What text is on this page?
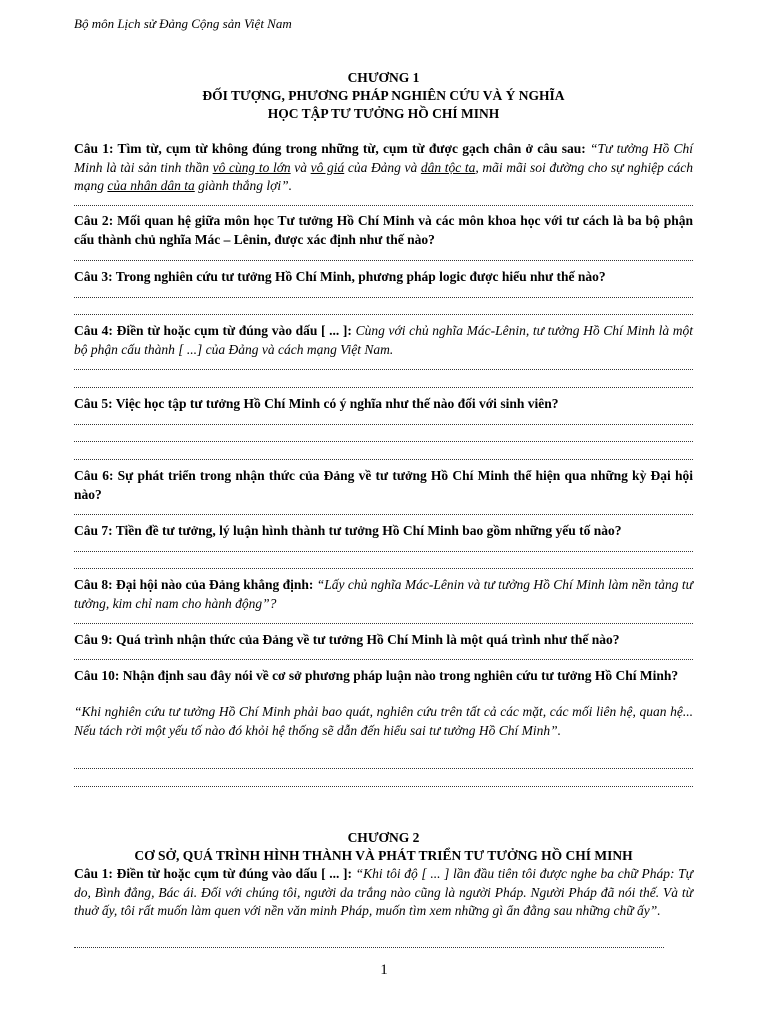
Bộ môn Lịch sử Đảng Cộng sản Việt Nam
CHƯƠNG 1
ĐỐI TƯỢNG, PHƯƠNG PHÁP NGHIÊN CỨU VÀ Ý NGHĨA
HỌC TẬP TƯ TƯỞNG HỒ CHÍ MINH
Câu 1: Tìm từ, cụm từ không đúng trong những từ, cụm từ được gạch chân ở câu sau: “Tư tưởng Hồ Chí Minh là tài sản tinh thần vô cùng to lớn và vô giá của Đảng và dân tộc ta, mãi mãi soi đường cho sự nghiệp cách mạng của nhân dân ta giành thắng lợi”.
Câu 2: Mối quan hệ giữa môn học Tư tưởng Hồ Chí Minh và các môn khoa học với tư cách là ba bộ phận cấu thành chủ nghĩa Mác – Lênin, được xác định như thế nào?
Câu 3: Trong nghiên cứu tư tưởng Hồ Chí Minh, phương pháp logic được hiểu như thế nào?
Câu 4: Điền từ hoặc cụm từ đúng vào dấu [ ... ]: Cùng với chủ nghĩa Mác-Lênin, tư tưởng Hồ Chí Minh là một bộ phận cấu thành [ ...] của Đảng và cách mạng Việt Nam.
Câu 5: Việc học tập tư tưởng Hồ Chí Minh có ý nghĩa như thế nào đối với sinh viên?
Câu 6: Sự phát triển trong nhận thức của Đảng về tư tưởng Hồ Chí Minh thể hiện qua những kỳ Đại hội nào?
Câu 7: Tiền đề tư tưởng, lý luận hình thành tư tưởng Hồ Chí Minh bao gồm những yếu tố nào?
Câu 8: Đại hội nào của Đảng khẳng định: “Lấy chủ nghĩa Mác-Lênin và tư tưởng Hồ Chí Minh làm nền tảng tư tưởng, kim chỉ nam cho hành động”?
Câu 9: Quá trình nhận thức của Đảng về tư tưởng Hồ Chí Minh là một quá trình như thế nào?
Câu 10: Nhận định sau đây nói về cơ sở phương pháp luận nào trong nghiên cứu tư tưởng Hồ Chí Minh?
“Khi nghiên cứu tư tưởng Hồ Chí Minh phải bao quát, nghiên cứu trên tất cả các mặt, các mối liên hệ, quan hệ... Nếu tách rời một yếu tố nào đó khỏi hệ thống sẽ dẫn đến hiểu sai tư tưởng Hồ Chí Minh”.
CHƯƠNG 2
CƠ SỞ, QUÁ TRÌNH HÌNH THÀNH VÀ PHÁT TRIỂN TƯ TƯỞNG HỒ CHÍ MINH
Câu 1: Điền từ hoặc cụm từ đúng vào dấu [ ... ]: “Khi tôi độ [ ... ] lần đầu tiên tôi được nghe ba chữ Pháp: Tự do, Bình đẳng, Bác ái. Đối với chúng tôi, người da trắng nào cũng là người Pháp. Người Pháp đã nói thế. Và từ thuở ấy, tôi rất muốn làm quen với nền văn minh Pháp, muốn tìm xem những gì ẩn đằng sau những chữ ấy”.
1
